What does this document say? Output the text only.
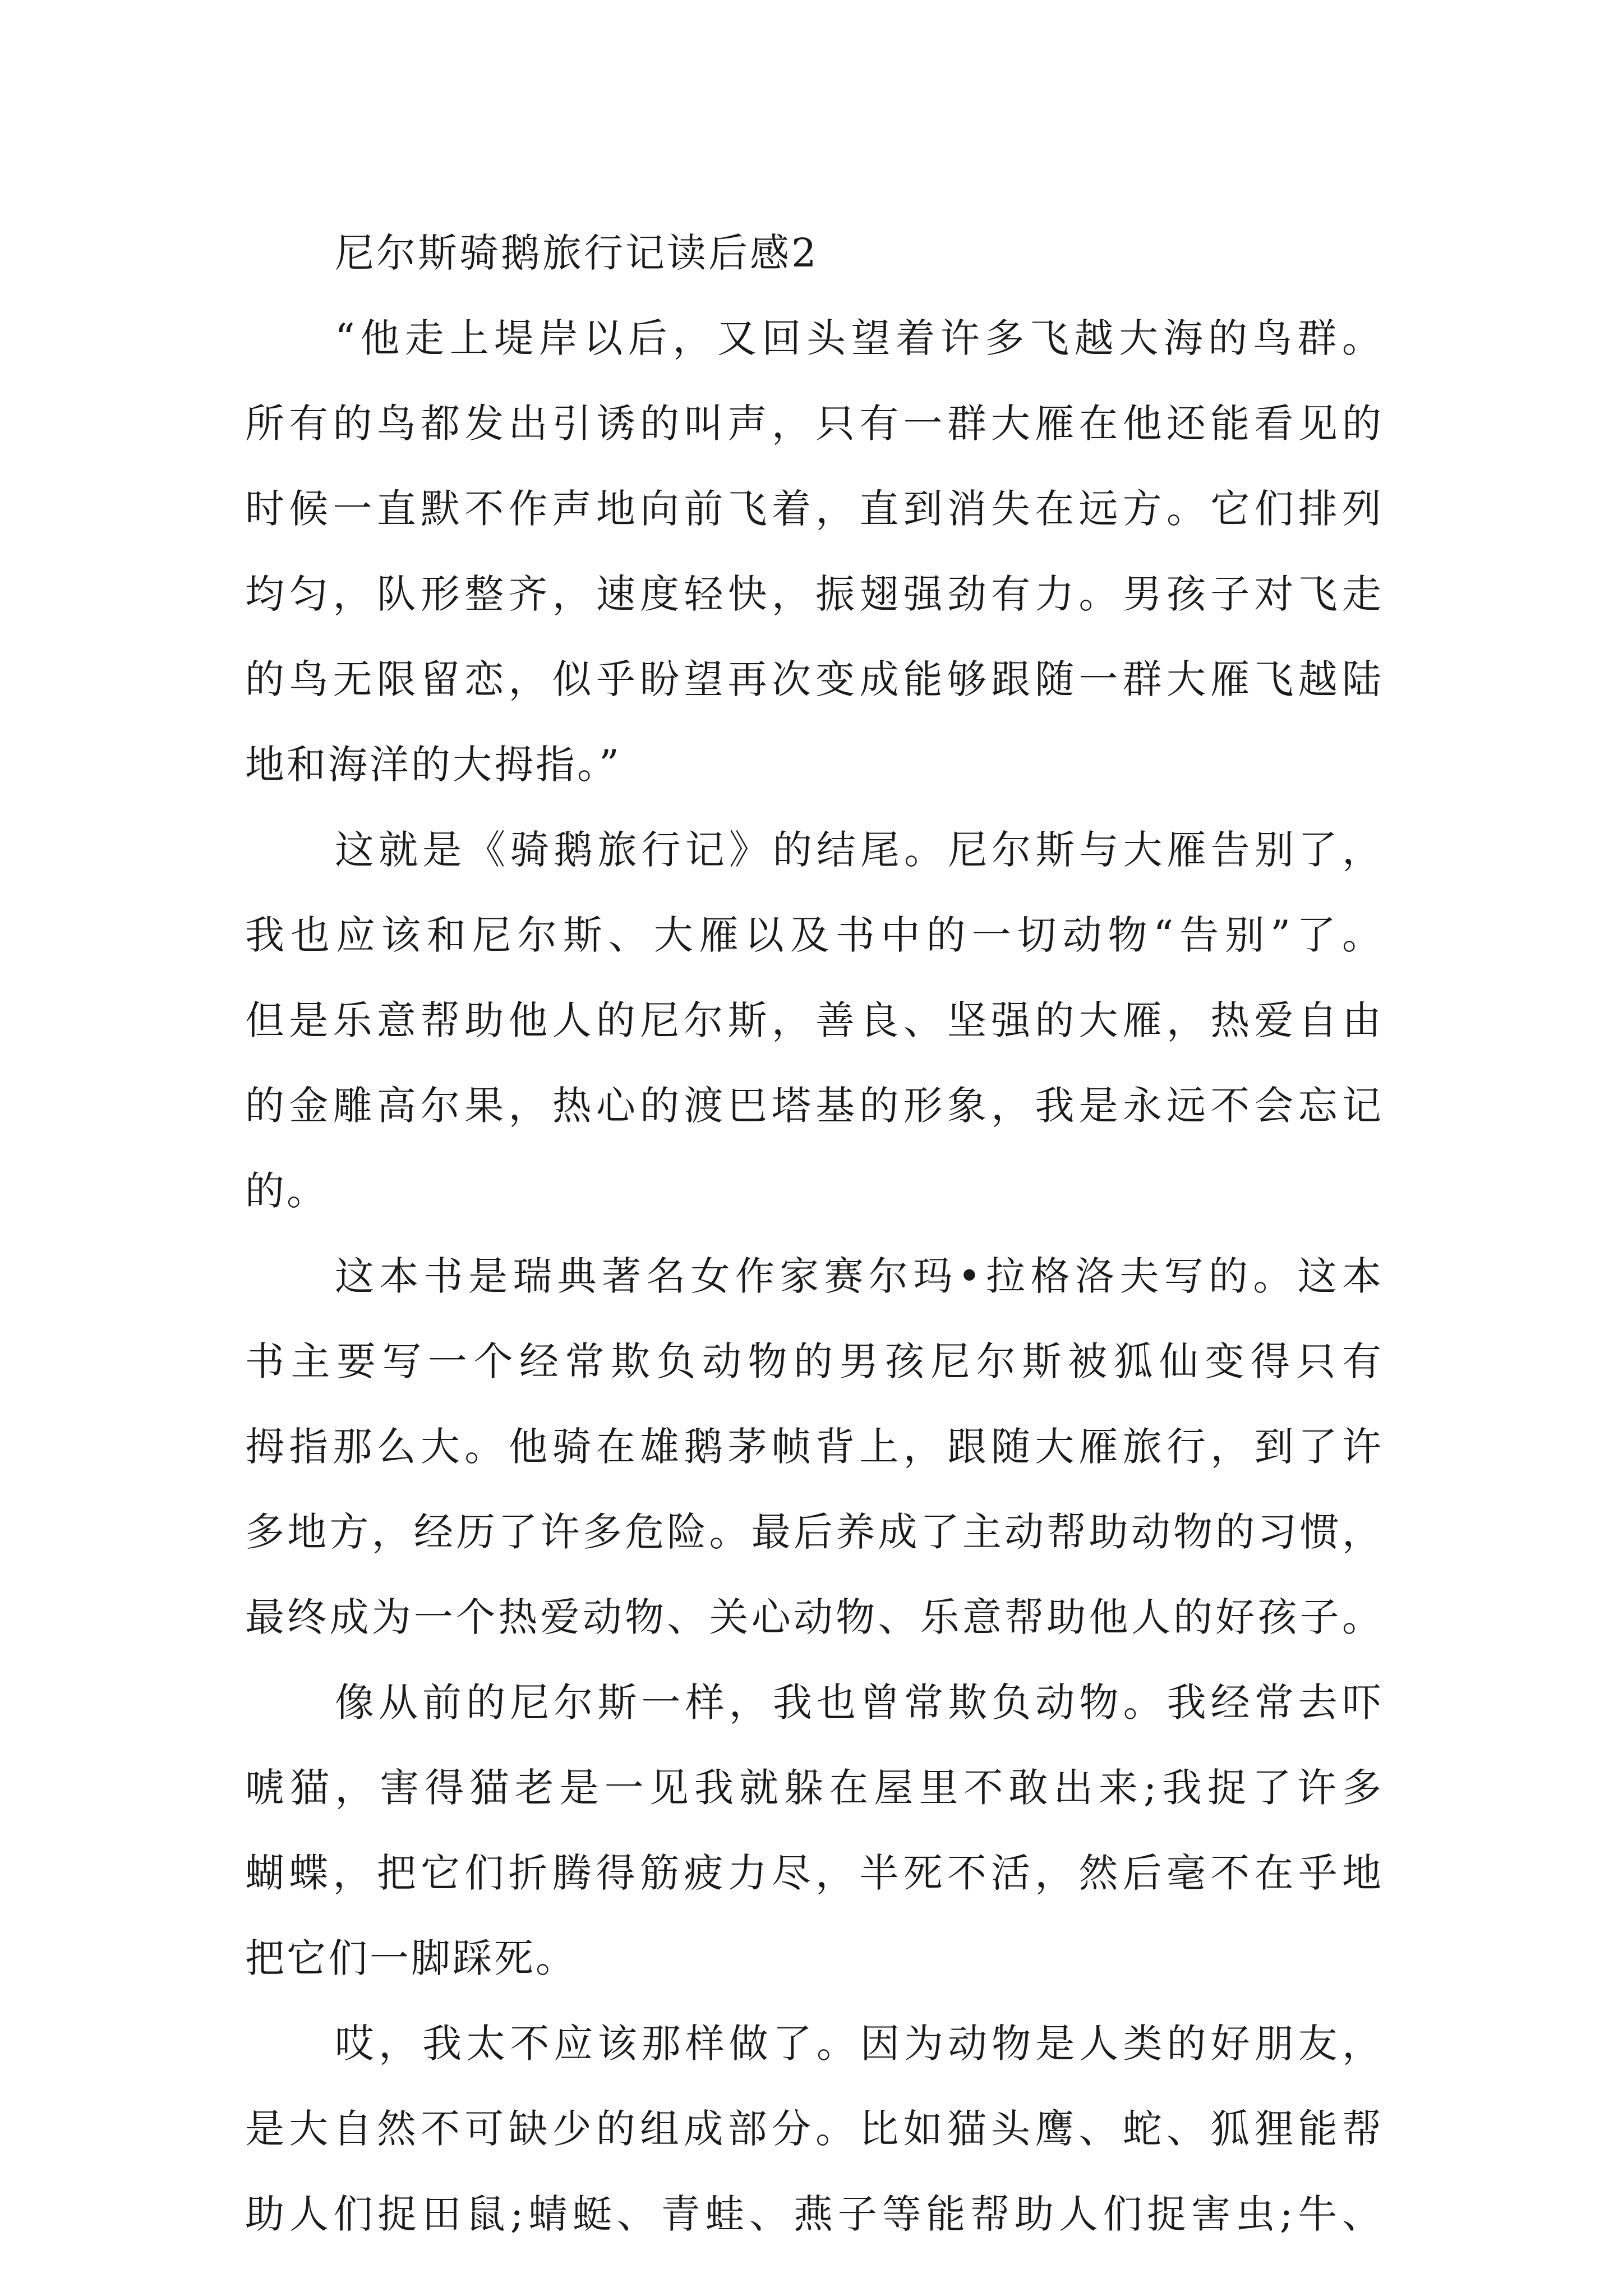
尼尔斯骑鹅旅行记读后感2
“他走上堤岸以后，又回头望着许多飞越大海的鸟群。
所有的鸟都发出引诱的叫声，只有一群大雁在他还能看见的
时候一直默不作声地向前飞着，直到消失在远方。它们排列
均匀，队形整齐，速度轻快，振翅强劲有力。男孩子对飞走
的鸟无限留恋，似乎盼望再次变成能够跟随一群大雁飞越陆
地和海洋的大拇指。”
这就是《骑鹅旅行记》的结尾。尼尔斯与大雁告别了，
我也应该和尼尔斯、大雁以及书中的一切动物“告别”了。
但是乐意帮助他人的尼尔斯，善良、坚强的大雁，热爱自由
的金雕高尔果，热心的渡巴塔基的形象，我是永远不会忘记
的。
这本书是瑞典著名女作家赛尔玛•拉格洛夫写的。这本
书主要写一个经常欺负动物的男孩尼尔斯被狐仙变得只有
拇指那么大。他骑在雄鹅茅帧背上，跟随大雁旅行，到了许
多地方，经历了许多危险。最后养成了主动帮助动物的习惯，
最终成为一个热爱动物、关心动物、乐意帮助他人的好孩子。
像从前的尼尔斯一样，我也曾常欺负动物。我经常去吓
唬猫，害得猫老是一见我就躲在屋里不敢出来;我捉了许多
蝴蝶，把它们折腾得筋疲力尽，半死不活，然后毫不在乎地
把它们一脚踩死。
哎，我太不应该那样做了。因为动物是人类的好朋友，
是大自然不可缺少的组成部分。比如猫头鹰、蛇、狐狸能帮
助人们捉田鼠;蜻蜓、青蛙、燕子等能帮助人们捉害虫;牛、
